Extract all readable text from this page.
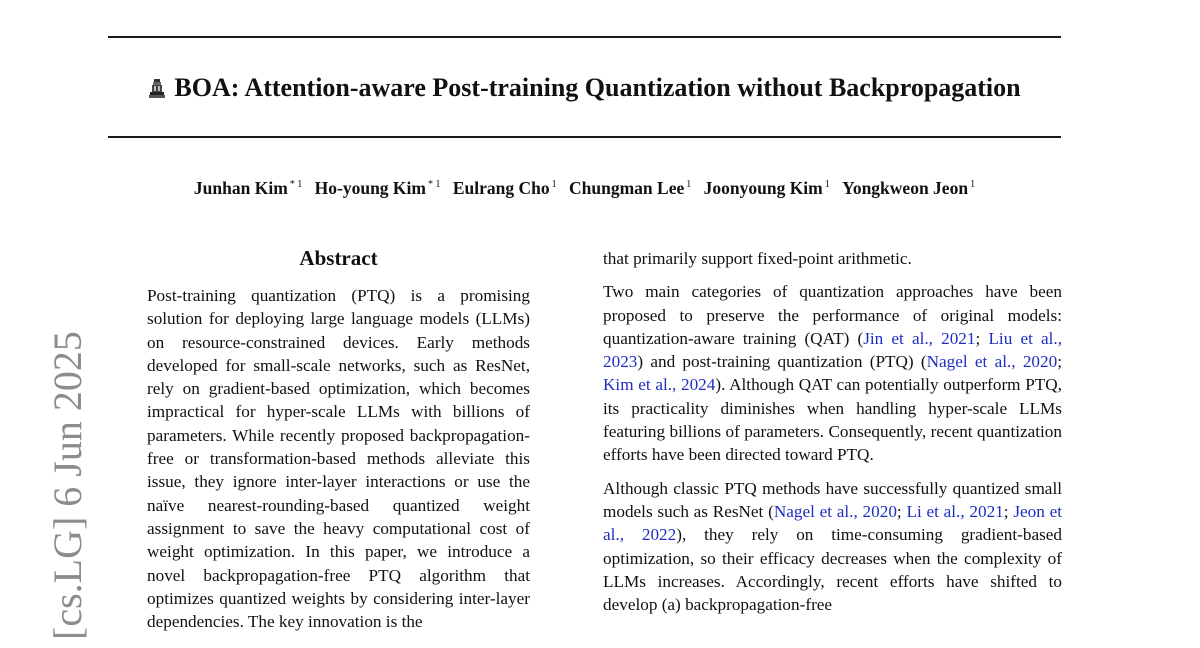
BOA: Attention-aware Post-training Quantization without Backpropagation
Junhan Kim $^{* 1}$ Ho-young Kim $^{* 1}$ Eulrang Cho $^1$ Chungman Lee $^1$ Joonyoung Kim $^1$ Yongkweon Jeon $^1$
[cs.LG] 6 Jun 2025
Abstract

Post-training quantization (PTQ) is a promising solution for deploying large language models (LLMs) on resource-constrained devices. Early methods developed for small-scale networks, such as ResNet, rely on gradient-based optimization, which becomes impractical for hyper-scale LLMs with billions of parameters. While recently proposed backpropagation-free or transformation-based methods alleviate this issue, they ignore inter-layer interactions or use the naïve nearest-rounding-based quantized weight assignment to save the heavy computational cost of weight optimization. In this paper, we introduce a novel backpropagation-free PTQ algorithm that optimizes quantized weights by considering inter-layer dependencies. The key innovation is the

that primarily support fixed-point arithmetic.

Two main categories of quantization approaches have been proposed to preserve the performance of original models: quantization-aware training (QAT) (Jin et al., 2021; Liu et al., 2023) and post-training quantization (PTQ) (Nagel et al., 2020; Kim et al., 2024). Although QAT can potentially outperform PTQ, its practicality diminishes when handling hyper-scale LLMs featuring billions of parameters. Consequently, recent quantization efforts have been directed toward PTQ.

Although classic PTQ methods have successfully quantized small models such as ResNet (Nagel et al., 2020; Li et al., 2021; Jeon et al., 2022), they rely on time-consuming gradient-based optimization, so their efficacy decreases when the complexity of LLMs increases. Accordingly, recent efforts have shifted to develop (a) backpropagation-free
